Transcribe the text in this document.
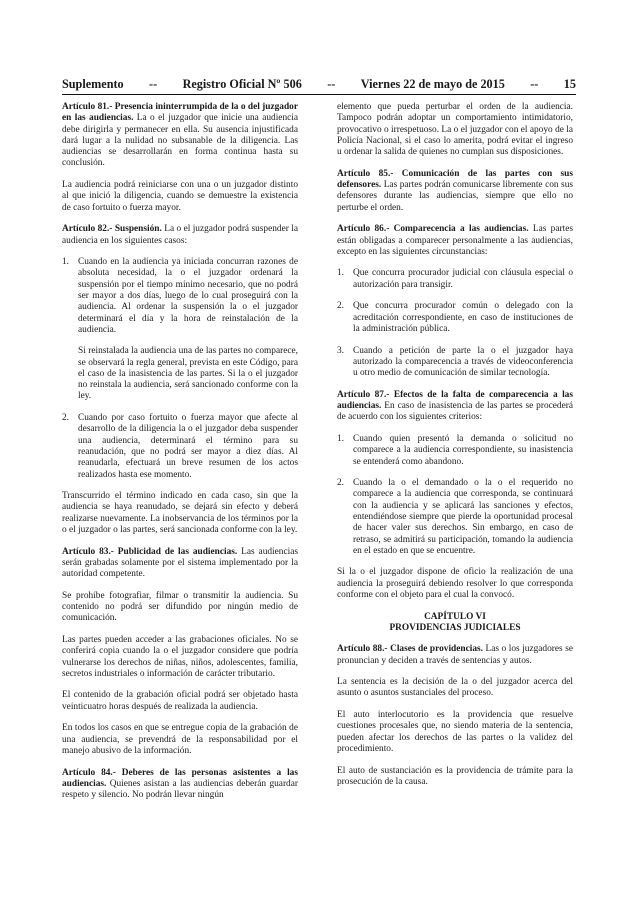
Suplemento -- Registro Oficial Nº 506 -- Viernes 22 de mayo de 2015 -- 15

Artículo 81.- Presencia ininterrumpida de la o del juzgador en las audiencias. La o el juzgador que inicie una audiencia debe dirigirla y permanecer en ella. Su ausencia injustificada dará lugar a la nulidad no subsanable de la diligencia. Las audiencias se desarrollarán en forma continua hasta su conclusión.

La audiencia podrá reiniciarse con una o un juzgador distinto al que inició la diligencia, cuando se demuestre la existencia de caso fortuito o fuerza mayor.

Artículo 82.- Suspensión. La o el juzgador podrá suspender la audiencia en los siguientes casos:

1. Cuando en la audiencia ya iniciada concurran razones de absoluta necesidad, la o el juzgador ordenará la suspensión por el tiempo mínimo necesario, que no podrá ser mayor a dos días, luego de lo cual proseguirá con la audiencia. Al ordenar la suspensión la o el juzgador determinará el día y la hora de reinstalación de la audiencia.

Si reinstalada la audiencia una de las partes no comparece, se observará la regla general, prevista en este Código, para el caso de la inasistencia de las partes. Si la o el juzgador no reinstala la audiencia, será sancionado conforme con la ley.

2. Cuando por caso fortuito o fuerza mayor que afecte al desarrollo de la diligencia la o el juzgador deba suspender una audiencia, determinará el término para su reanudación, que no podrá ser mayor a diez días. Al reanudarla, efectuará un breve resumen de los actos realizados hasta ese momento.

Transcurrido el término indicado en cada caso, sin que la audiencia se haya reanudado, se dejará sin efecto y deberá realizarse nuevamente. La inobservancia de los términos por la o el juzgador o las partes, será sancionada conforme con la ley.

Artículo 83.- Publicidad de las audiencias. Las audiencias serán grabadas solamente por el sistema implementado por la autoridad competente.

Se prohíbe fotografiar, filmar o transmitir la audiencia. Su contenido no podrá ser difundido por ningún medio de comunicación.

Las partes pueden acceder a las grabaciones oficiales. No se conferirá copia cuando la o el juzgador considere que podría vulnerarse los derechos de niñas, niños, adolescentes, familia, secretos industriales o información de carácter tributario.

El contenido de la grabación oficial podrá ser objetado hasta veinticuatro horas después de realizada la audiencia.

En todos los casos en que se entregue copia de la grabación de una audiencia, se prevendrá de la responsabilidad por el manejo abusivo de la información.

Artículo 84.- Deberes de las personas asistentes a las audiencias. Quienes asistan a las audiencias deberán guardar respeto y silencio. No podrán llevar ningún

elemento que pueda perturbar el orden de la audiencia. Tampoco podrán adoptar un comportamiento intimidatorio, provocativo o irrespetuoso. La o el juzgador con el apoyo de la Policía Nacional, si el caso lo amerita, podrá evitar el ingreso u ordenar la salida de quienes no cumplan sus disposiciones.

Artículo 85.- Comunicación de las partes con sus defensores. Las partes podrán comunicarse libremente con sus defensores durante las audiencias, siempre que ello no perturbe el orden.

Artículo 86.- Comparecencia a las audiencias. Las partes están obligadas a comparecer personalmente a las audiencias, excepto en las siguientes circunstancias:

1. Que concurra procurador judicial con cláusula especial o autorización para transigir.
2. Que concurra procurador común o delegado con la acreditación correspondiente, en caso de instituciones de la administración pública.
3. Cuando a petición de parte la o el juzgador haya autorizado la comparecencia a través de videoconferencia u otro medio de comunicación de similar tecnología.

Artículo 87.- Efectos de la falta de comparecencia a las audiencias. En caso de inasistencia de las partes se procederá de acuerdo con los siguientes criterios:

1. Cuando quien presentó la demanda o solicitud no comparece a la audiencia correspondiente, su inasistencia se entenderá como abandono.
2. Cuando la o el demandado o la o el requerido no comparece a la audiencia que corresponda, se continuará con la audiencia y se aplicará las sanciones y efectos, entendiéndose siempre que pierde la oportunidad procesal de hacer valer sus derechos. Sin embargo, en caso de retraso, se admitirá su participación, tomando la audiencia en el estado en que se encuentre.

Si la o el juzgador dispone de oficio la realización de una audiencia la proseguirá debiendo resolver lo que corresponda conforme con el objeto para el cual la convocó.

CAPÍTULO VI
PROVIDENCIAS JUDICIALES

Artículo 88.- Clases de providencias. Las o los juzgadores se pronuncian y deciden a través de sentencias y autos.

La sentencia es la decisión de la o del juzgador acerca del asunto o asuntos sustanciales del proceso.

El auto interlocutorio es la providencia que resuelve cuestiones procesales que, no siendo materia de la sentencia, pueden afectar los derechos de las partes o la validez del procedimiento.

El auto de sustanciación es la providencia de trámite para la prosecución de la causa.
